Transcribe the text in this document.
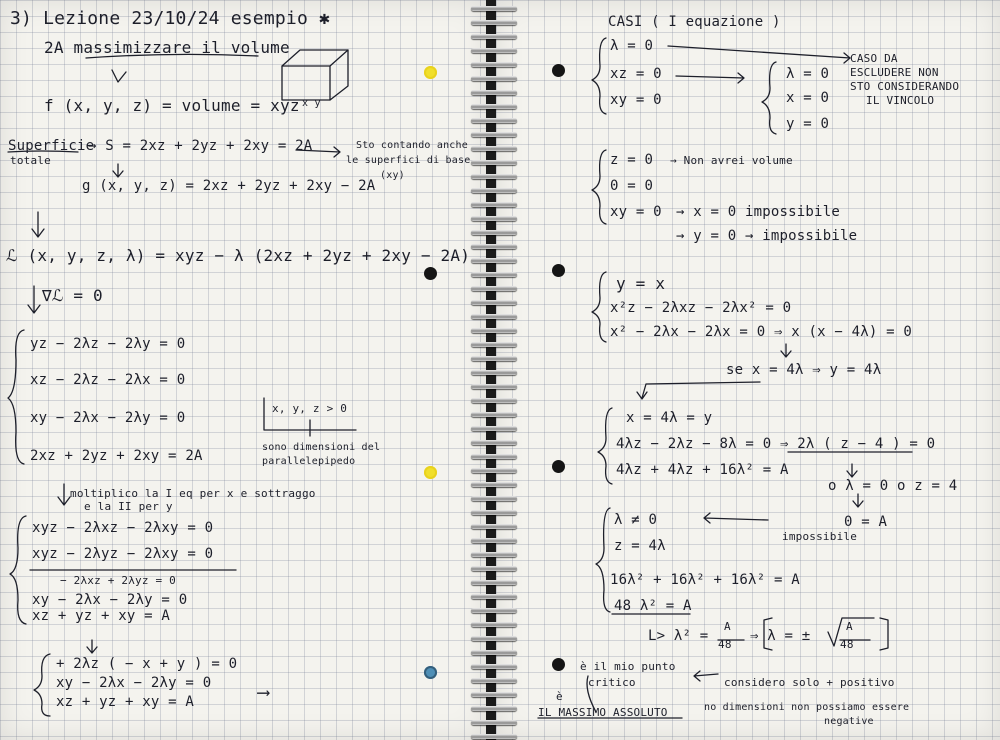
3) Lezione 23/10/24 esempio ✱
2A massimizzare il volume
x y
f (x, y, z) = volume = xyz
Superficie
totale
→ S = 2xz + 2yz + 2xy = 2A	Sto contando anche
le superfici di base
(xy)
g (x, y, z) = 2xz + 2yz + 2xy − 2A
ℒ (x, y, z, λ) = xyz − λ (2xz + 2yz + 2xy − 2A)
∇ℒ = 0
yz − 2λz − 2λy = 0
xz − 2λz − 2λx = 0
xy − 2λx − 2λy = 0
2xz + 2yz + 2xy = 2A
x, y, z > 0
sono dimensioni del
parallelepipedo
moltiplico la I eq per x e sottraggo
e la II per y
xyz − 2λxz − 2λxy = 0
xyz − 2λyz − 2λxy = 0
− 2λxz + 2λyz = 0
xy − 2λx − 2λy = 0
xz + yz + xy = A
+ 2λz ( − x + y ) = 0
xy − 2λx − 2λy = 0
xz + yz + xy = A	⟶
CASI ( I equazione )
λ = 0
xz = 0
xy = 0
λ = 0
x = 0
y = 0
CASO DA
ESCLUDERE NON
STO CONSIDERANDO
IL VINCOLO
z = 0
0 = 0
xy = 0
→ Non avrei volume
→ x = 0 impossibile
→ y = 0 → impossibile
y = x
x²z − 2λxz − 2λx² = 0
x² − 2λx − 2λx = 0 ⇒ x (x − 4λ) = 0
se x = 4λ ⇒ y = 4λ
x = 4λ = y
4λz − 2λz − 8λ = 0 ⇒ 2λ ( z − 4 ) = 0
4λz + 4λz + 16λ² = A
o λ = 0 o z = 4
0 = A
impossibile
λ ≠ 0
z = 4λ
16λ² + 16λ² + 16λ² = A
48 λ² = A
L> λ² =
A
48
⇒ λ = ±
A
48
è il mio punto
critico
è
IL MASSIMO ASSOLUTO
considero solo + positivo
no dimensioni non possiamo essere
negative
